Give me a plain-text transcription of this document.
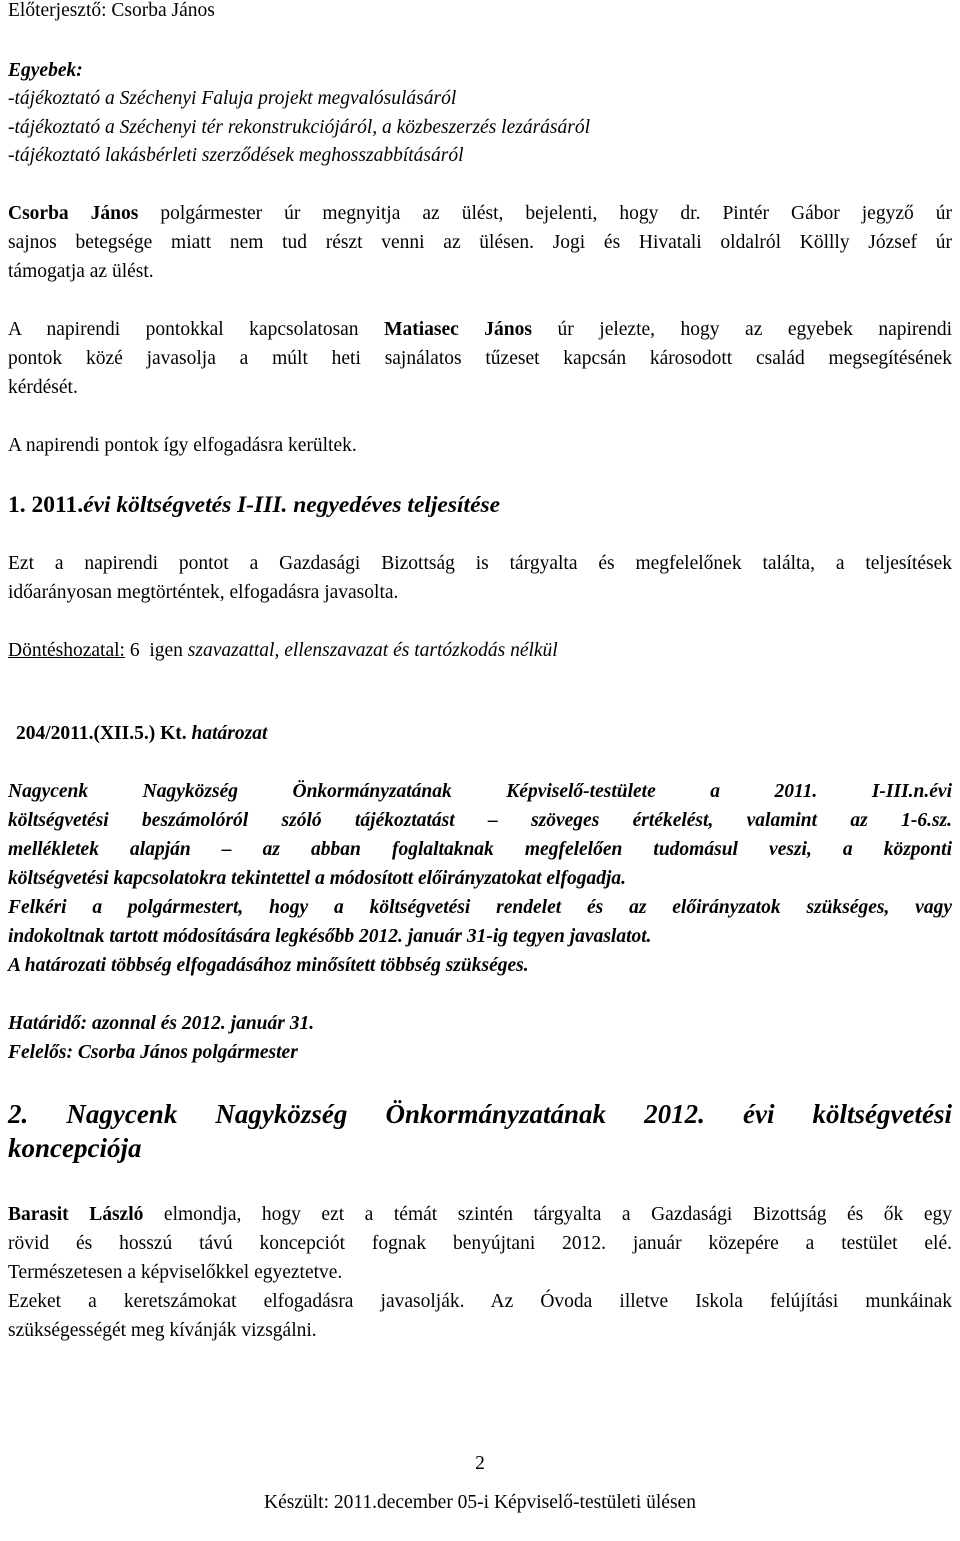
Előterjesztő: Csorba János

Egyebek:

-tájékoztató a Széchenyi Faluja projekt megvalósulásáról

-tájékoztató a Széchenyi tér rekonstrukciójáról, a közbeszerzés lezárásáról

-tájékoztató lakásbérleti szerződések meghosszabbításáról

Csorba János polgármester úr megnyitja az ülést, bejelenti, hogy dr. Pintér Gábor jegyző úr

sajnos betegsége miatt nem tud részt venni az ülésen. Jogi és Hivatali oldalról Köllly József úr

támogatja az ülést.

A napirendi pontokkal kapcsolatosan Matiasec János úr jelezte, hogy az egyebek napirendi

pontok közé javasolja a múlt heti sajnálatos tűzeset kapcsán károsodott család megsegítésének

kérdését.

A napirendi pontok így elfogadásra kerültek.

1. 2011.évi költségvetés I-III. negyedéves teljesítése

Ezt a napirendi pontot a Gazdasági Bizottság is tárgyalta és megfelelőnek találta, a teljesítések

időarányosan megtörténtek, elfogadásra javasolta.

Döntéshozatal: 6  igen szavazattal, ellenszavazat és tartózkodás nélkül

204/2011.(XII.5.) Kt. határozat

Nagycenk Nagyközség Önkormányzatának Képviselő-testülete a 2011. I-III.n.évi

költségvetési beszámolóról szóló tájékoztatást – szöveges értékelést, valamint az 1-6.sz.

mellékletek alapján – az abban foglaltaknak megfelelően tudomásul veszi, a központi

költségvetési kapcsolatokra tekintettel a módosított előirányzatokat elfogadja.

Felkéri a polgármestert, hogy a költségvetési rendelet és az előirányzatok szükséges, vagy

indokoltnak tartott módosítására legkésőbb 2012. január 31-ig tegyen javaslatot.

A határozati többség elfogadásához minősített többség szükséges.

Határidő: azonnal és 2012. január 31.

Felelős: Csorba János polgármester

2. Nagycenk Nagyközség Önkormányzatának 2012. évi költségvetési

koncepciója

Barasit László elmondja, hogy ezt a témát szintén tárgyalta a Gazdasági Bizottság és ők egy

rövid és hosszú távú koncepciót fognak benyújtani 2012. január közepére a testület elé.

Természetesen a képviselőkkel egyeztetve.

Ezeket a keretszámokat elfogadásra javasolják. Az Óvoda illetve Iskola felújítási munkáinak

szükségességét meg kívánják vizsgálni.

2

Készült: 2011.december 05-i Képviselő-testületi ülésen
